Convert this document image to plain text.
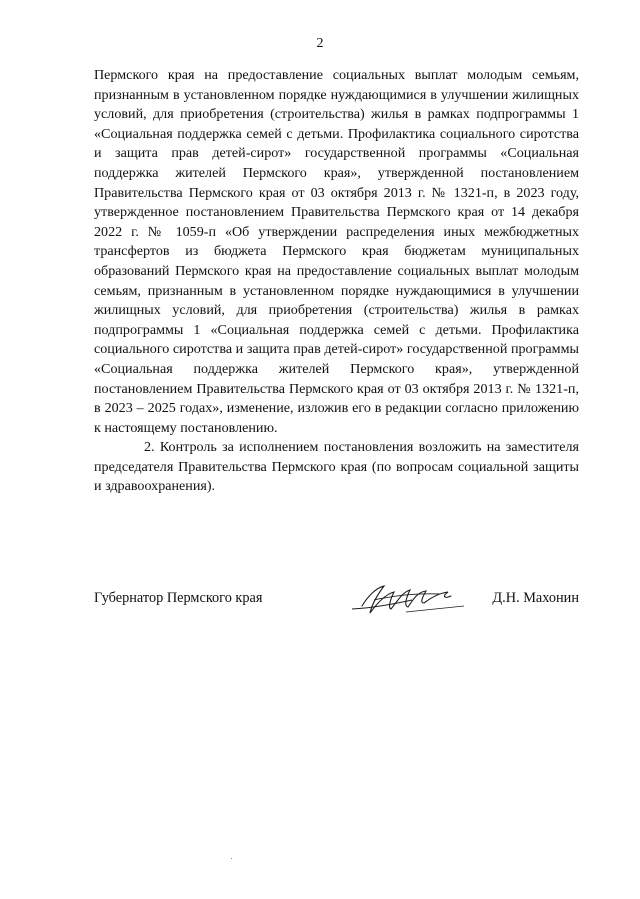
2

Пермского края на предоставление социальных выплат молодым семьям, признанным в установленном порядке нуждающимися в улучшении жилищных условий, для приобретения (строительства) жилья в рамках подпрограммы 1 «Социальная поддержка семей с детьми. Профилактика социального сиротства и защита прав детей-сирот» государственной программы «Социальная поддержка жителей Пермского края», утвержденной постановлением Правительства Пермского края от 03 октября 2013 г. № 1321-п, в 2023 году, утвержденное постановлением Правительства Пермского края от 14 декабря 2022 г. № 1059-п «Об утверждении распределения иных межбюджетных трансфертов из бюджета Пермского края бюджетам муниципальных образований Пермского края на предоставление социальных выплат молодым семьям, признанным в установленном порядке нуждающимися в улучшении жилищных условий, для приобретения (строительства) жилья в рамках подпрограммы 1 «Социальная поддержка семей с детьми. Профилактика социального сиротства и защита прав детей-сирот» государственной программы «Социальная поддержка жителей Пермского края», утвержденной постановлением Правительства Пермского края от 03 октября 2013 г. № 1321-п, в 2023 – 2025 годах», изменение, изложив его в редакции согласно приложению к настоящему постановлению.

2. Контроль за исполнением постановления возложить на заместителя председателя Правительства Пермского края (по вопросам социальной защиты и здравоохранения).

Губернатор Пермского края	Д.Н. Махонин
